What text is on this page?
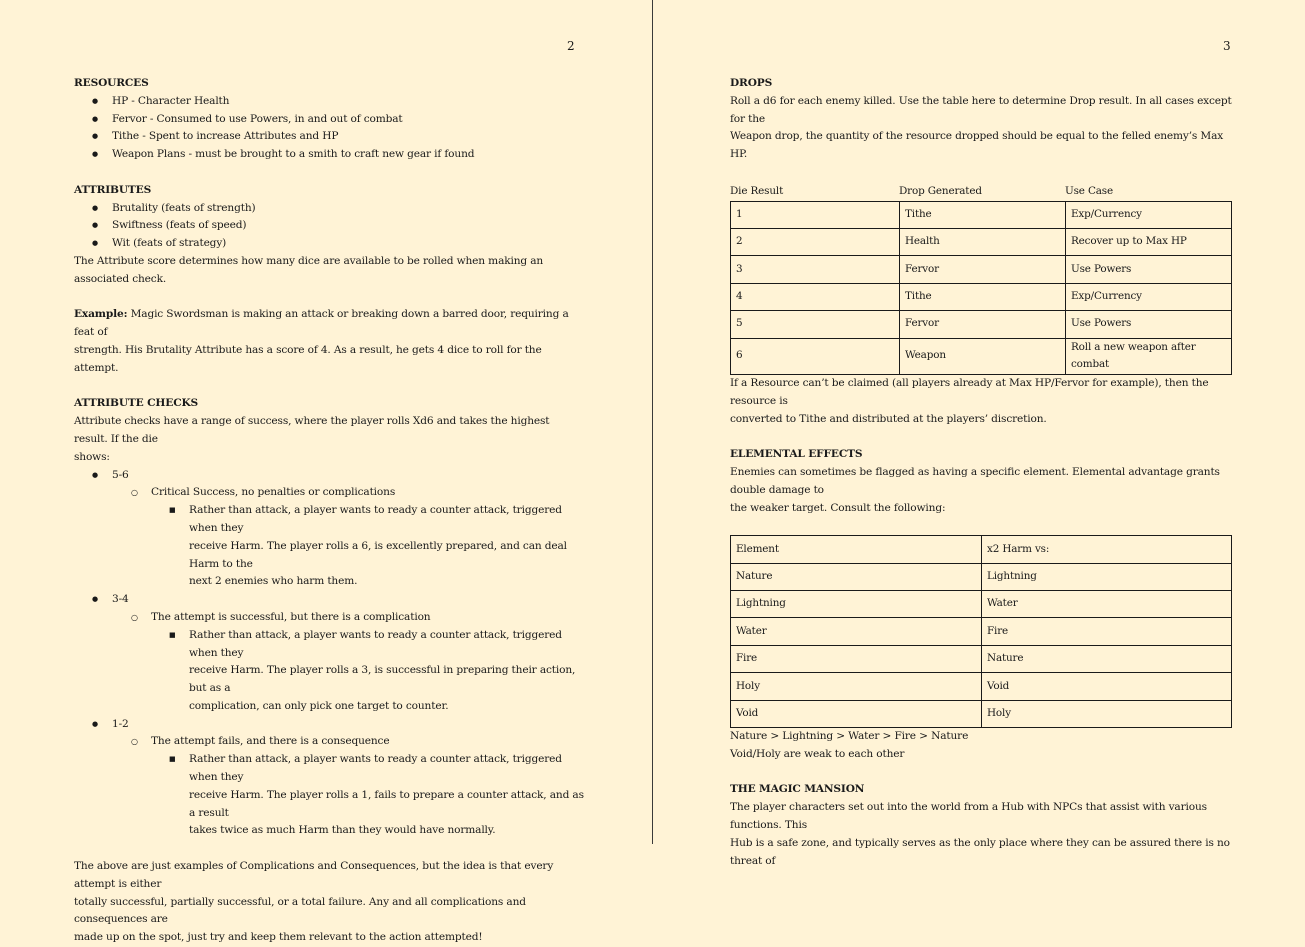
2
RESOURCES
● HP - Character Health
● Fervor - Consumed to use Powers, in and out of combat
● Tithe - Spent to increase Attributes and HP
● Weapon Plans - must be brought to a smith to craft new gear if found
ATTRIBUTES
● Brutality (feats of strength)
● Swiftness (feats of speed)
● Wit (feats of strategy)
The Attribute score determines how many dice are available to be rolled when making an associated check.
Example: Magic Swordsman is making an attack or breaking down a barred door, requiring a feat of
strength. His Brutality Attribute has a score of 4. As a result, he gets 4 dice to roll for the attempt.
ATTRIBUTE CHECKS
Attribute checks have a range of success, where the player rolls Xd6 and takes the highest result. If the die
shows:
● 5-6
○ Critical Success, no penalties or complications
■ Rather than attack, a player wants to ready a counter attack, triggered when they
receive Harm. The player rolls a 6, is excellently prepared, and can deal Harm to the
next 2 enemies who harm them.
● 3-4
○ The attempt is successful, but there is a complication
■ Rather than attack, a player wants to ready a counter attack, triggered when they
receive Harm. The player rolls a 3, is successful in preparing their action, but as a
complication, can only pick one target to counter.
● 1-2
○ The attempt fails, and there is a consequence
■ Rather than attack, a player wants to ready a counter attack, triggered when they
receive Harm. The player rolls a 1, fails to prepare a counter attack, and as a result
takes twice as much Harm than they would have normally.
The above are just examples of Complications and Consequences, but the idea is that every attempt is either
totally successful, partially successful, or a total failure. Any and all complications and consequences are
made up on the spot, just try and keep them relevant to the action attempted!
3
DROPS
Roll a d6 for each enemy killed. Use the table here to determine Drop result. In all cases except for the
Weapon drop, the quantity of the resource dropped should be equal to the felled enemy’s Max HP.
Die Result	Drop Generated	Use Case
1	Tithe	Exp/Currency
2	Health	Recover up to Max HP
3	Fervor	Use Powers
4	Tithe	Exp/Currency
5	Fervor	Use Powers
6	Weapon	Roll a new weapon after combat
If a Resource can’t be claimed (all players already at Max HP/Fervor for example), then the resource is
converted to Tithe and distributed at the players’ discretion.
ELEMENTAL EFFECTS
Enemies can sometimes be flagged as having a specific element. Elemental advantage grants double damage to
the weaker target. Consult the following:
Element	x2 Harm vs:
Nature	Lightning
Lightning	Water
Water	Fire
Fire	Nature
Holy	Void
Void	Holy
Nature > Lightning > Water > Fire > Nature
Void/Holy are weak to each other
THE MAGIC MANSION
The player characters set out into the world from a Hub with NPCs that assist with various functions. This
Hub is a safe zone, and typically serves as the only place where they can be assured there is no threat of
